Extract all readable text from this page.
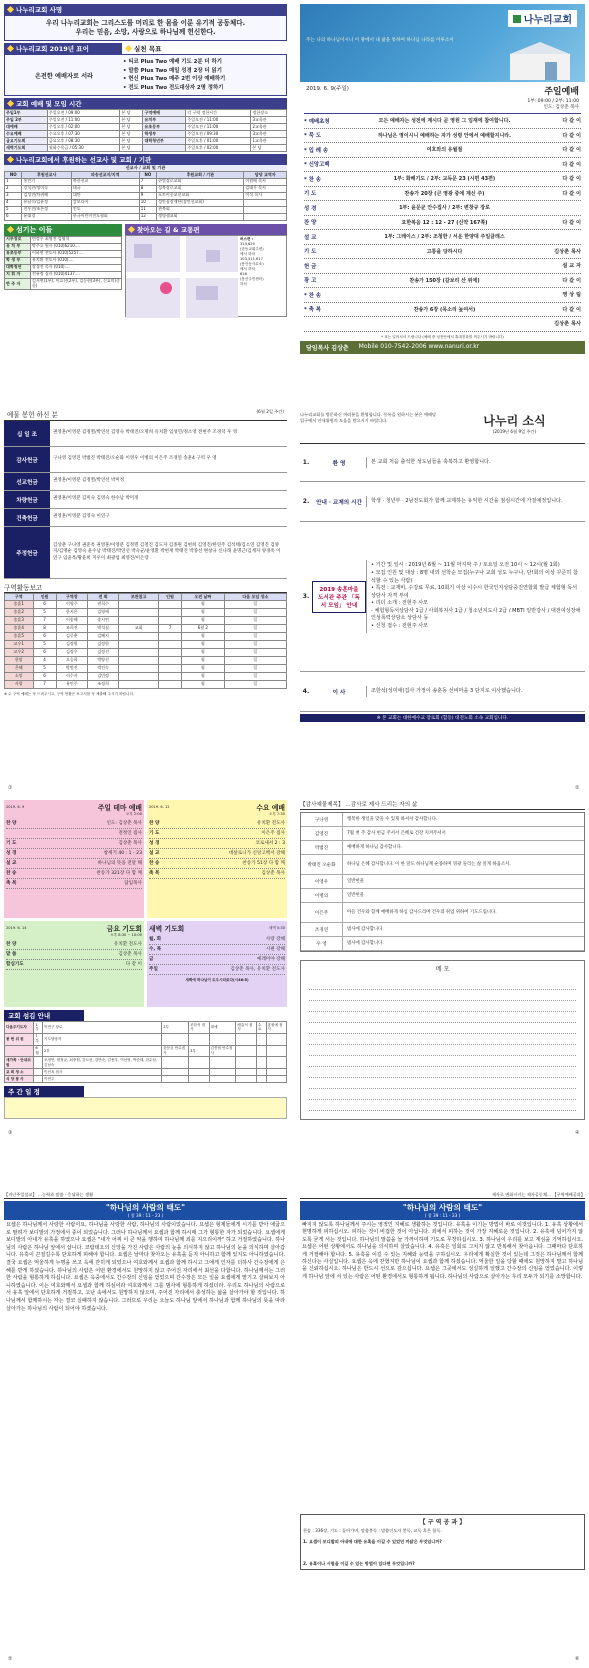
나누리교회 사명
우리 나누리교회는 그리스도를 머리로 한 몸을 이룬 유기적 공동체다.
우리는 믿음, 소망, 사랑으로 하나님께 헌신한다.
나누리교회 2019년 표어	실천 목표
온전한 예배자로 서라
• 티코 Plus Two 예배 기도 2분 더 하기
• 말씀 Plus Two 매일 성경 2장 더 읽기
• 헌신 Plus Two 매주 2번 이상 예배하기
• 전도 Plus Two 전도대상자 2명 정하기
교회 예배 및 모임 시간
주일1부	주일오전 / 09:00	본 당	구역예배	각 구역 정한시간	정한장소
주일 2부	주일오전 / 11:00	본 당	유치부	주일오전 / 11:00	3교육관
대예배	주일오후 / 02:00	본 당	유초등부	주일오전 / 11:00	2교육관
수요예배	수요오후 / 07:30	본 당	학생부	주일오전 / 09:30	3교육관
금요기도회	금요오후 / 08:30	본 당	대학청년부	주일오후 / 01:00	1교육관
새벽기도회	월화수목금 / 05:30	본 당		주일오후 / 02:00	본 당
나누리교회에서 후원하는 선교사 및 교회 / 기관
선교사 / 교회 및 기관
NO	후원선교사	파송선교지/지역	NO	후원교회 / 기관	담당 교역자
1	홍민기	북한선교	7	한빛장로교회	이원배 목사
2	강석찬/정미숙	태국	8	성북장로교회	김태우 목사
3	김성진/차귀혜	대만	9	포토이중교선교회	이석 목사
4	유남숙/김윤정	캄보디아	10	성안심장재단(경인선교회)	
5	진우진/조은정	인도	11	관북회	
6	윤대경	한국어린이전도협회	12	생명샘교회	
섬기는 이들
시무장로	변정우 최명진 김영석
유 치 부	박주호 원사 (010)6210....
유초등부	이하연 전도사 (010)5257....
학 생 부	유치환 전도사 (010)....
대학청년	장경진 목사 (010)....
지 휘 자	전유정 집사 (010)4137....
반 주 자	김서연(1부), 이효선(2부), 김동현(3부), 신효미(중등)
찾아오는 길 & 교통편
버스편 :
314,620
(한동교회주변)
에서 하차
103,311,617
(용산동사무소)
에서 하차
616
(용산주민센터)
하차
나누리교회
주는 나의 하나님이시니 이 땅에서 내 삶을 통하여 하나님 나라를 이루소서
2019. 6. 9(주일)	주일예배
1부: 09:00 / 2부: 11:00
인도: 김상춘 목사
* 예배초청	모든 예배자는 성전에 계시다 곧 영원 그 임재에 참여합니다.	다 같 이
* 묵 도	하나님은 영이시니 예배하는 자가 성령 안에서 예배할지니라.	다 같 이
* 입 례 송	여호와의 유월절	다 같 이
* 신앙고백	다 같 이
* 찬 송	1부: 화해기도 / 2부: 교독문 23 (시편 43편)	다 같 이
기 도	찬송가 20장 (큰 영광 중에 계신 주)	다 같 이
성 경	1부: 윤문균 안수집사 / 2부: 변창규 장로
찬 양	요한복음 12 : 12 - 27 (신약 167쪽)	다 같 이
설 교	1부: 그레이스 / 2부: 조청한 / 서운 한양대 주일클래스
기 도	고통을 당하시다	김상춘 목사
헌 금	설 교 자
광 고	찬송가 150장 (갈보리 산 위에)	다 같 이
* 찬 송	영 상 팀
* 축 복	찬송가 6장 (목소리 높여서)	다 같 이
김상춘 목사
* 표는 일어서서 드립니다 (예배 중 성전안에서 휴대전화를 꺼주시기 바랍니다)
담임목사 김상춘 Mobile 010-7542-2006 www.nanuri.or.kr
예물 봉헌 하신 분	(6월 2일 주간)
십 일 조	권영훈/이영분 김정렬/박연선 김영숙 박태진/오명희 유치환 임성민/정소영 전현주 조경덕 우 영
감사헌금	구나영 김영진 박범진 박태진/오순화 이영우 이병의 이은주 조경연 송훈4 구역 우 영
선교헌금	권영훈/이영분 김정렬/박연선 박미정
차량헌금	권영훈/이영분 김미숙 김영숙 한수남 박미정
건축헌금	권영훈/이영분 김영숙 이연구
주정헌금
김상춘 구나영 권준옥 권영훈/이영분 김정렬 김철진 김도자 김종원 김현희 김영진/한연주 김석태/김소연 김영진 김양지/김명순 김영숙 윤수남 박태진/박연선 박숙균/윤영환 박현재 박태진 박종선 변창규 신나래 윤명근/김계자 양경옥 이연구 임윤옥/황윤희 지우이 최광섭 최영진/이은랑
구역활동보고
구역	인원	구역장	전 회	보완참고	인원	오전 날짜	다음 모임 장소
송훈1	6	이영주	권희수			월	일
송훈2	5	한지은	김영애			월	일
송훈3	7	이송해	송시연			월	일
송훈4	8	조희진	박석심	교회	7	6월 2	일
송훈5	6	김중춘	김혜지			월	일
교우1	5	김정원	김정원			월	일
교우2	6	김정우	김정선			월	일
한맘	4	오승희	박양선			월	일
은혜	5	박범진	박진숙			월	일
소망	6	이수자	김민정			월	일
사랑	7	유민주	조정희			월	일
※ 수 구역 예배는 꼭 드려주시고, 구역 현황은 보고서를 꼭 제출해 주시기 바랍니다.
나누리교회를 방문하신 여러분을 환영합니다. 등록을 원하시는 분은 예배당 입구에서 안내위원의 도움을 받으시기 바랍니다.	나누리 소식
(2019년 6월 9일 주간)
1.	환 영	본 교회 처음 출석한 성도님들을 축복하고 환영합니다.
2.	안내 · 교제의 시간	학생 · 청년부 · 2남전도회가 함께 교제하는 유익한 시간을 점심시간에 가질예정입니다.
3.
2019 송훈마을 도서관 주관 「독서 모임」 안내
• 기간 및 일시 : 2019년 6월 ~ 11월 마지막 주 / 토요일 오전 10시 ~ 12시(월 1회)
• 모집 인원 및 대상 : 8명 내외 선착순 모집(누구나 교회 성도 누구나, 단!회의 이상 꾸준히 참석할 수 있는 사람)
• 특전 : 교재비, 수강료 무료, 10회기 이상 이수시 한국인지상담중진연합회 발급 체험형 독서상담사 자격 부여
• 리더 소개 : 전현주 사모
- 체험형독서상담사 1급 / 사회복지사 1급 / 청소년지도사 2급 / MBTI 일반강사 / 대전여성장애인성폭력상담소 상담사 등
• 신청 접수 : 전현주 사모
4.	이 사	조한석(성미애)집사 가정이 송훈동 선비마을 3 단지로 이사했습니다.
※ 본 교회는 대한예수교 장로회 (합동) 대전노회 소속 교회입니다.
2019. 6. 9	주일 테마 예배
오후 2:00
찬 양	인도: 김상춘 목사
전정인 집사
기 도	김상춘 목사
성 경	창세기 40 : 1 - 23
설 교	하나님의 뜻을 전달 해
찬 송	찬송가 321장 다 함 께
축 복	담임목사
2019. 6. 12	수요 예배
오후 7:30
찬 양	유치환 전도사
기 도	이은주 집사
성 경	코로새서 2 : 3
설 교	데살로니가 신앙고백서 강해
찬 송	찬송가 51장 다 함 께
축 복	김상춘 목사
2019. 6. 14	금요 기도회
오후 8:30 ~ 10:00
찬 양	유치환 전도사
말 씀	김상춘 목사
합심기도	다 같 이
새벽 기도회	새벽 5:30
월, 화	사랑 강해
수, 목	시편 강해
금	예레미야 강해
주일	김상춘 목사, 유치환 전도사
새벽에 하나님이 도우시리로다(시46:5)
교회 섬김 안내
다음주기도자	1부	이연구 장로	2부	조한석 집사	대예	배효석 집사	수요	홍원예 집사
봉 헌 위 원	1부	기도담당자						
	6월	2부	윤문균 안수집사	3부	김종엽 안수집사			
새가족 · 안내위원		조정연, 변정균, 최중원, 강도선, 김반준, 김용우, 이선영, 박순태, 한수남, 김남숙						
교 회 청 소		이선옥 집사						
식 당 봉 사		이연주						
주 간 일 정
【감사예물제목】 ...감사로 제사 드리는 자의 삶
구나영	행복한 생일을 맞을 수 있게 하셔서 감사합니다.
김영진	7월 첫 주 감사 헌금 주셔서 은혜로 건강 지켜주셔서
박범진	예배하게 하나님 감사합니다.
박태진 오순화	하나님 은혜 감사합니다. 이 한 달도 하나님께 순종하며 영광 돌리는 삶 살게 하옵소서.
이영우	일반헌물
이병의	일반헌물
이은주	아들 건우와 함께 예배하게 하심 감사드리며 건우의 취업 위하여 기도드립니다.
조경연	범사에 감사합니다.
우 영	범사에 감사합니다.
메 모
【지난주일설교】 ...능력과 말씀 · 응답하는 생활
"하나님의 사람의 태도"
( 창 39 : 11 - 23 )
요셉은 하나님께서 사랑한 사람이요, 하나님을 사랑한 사람, 하나님의 사람이었습니다. 요셉은 형제들에게 시기를 받아 애굽으로 팔려가 보디발의 가정에서 종이 되었습니다. 그러나 하나님께서 요셉과 함께 하시매 그가 형통한 자가 되었습니다. 요셉에게 보디발의 아내가 유혹을 하였으나 요셉은 "내가 어찌 이 큰 악을 행하여 하나님께 죄를 지으리이까" 하고 거절하였습니다. 하나님의 사람은 하나님 앞에서 삽니다. 코람데오의 신앙을 가진 사람은 사람의 눈을 의식하지 않고 하나님의 눈을 의식하며 살아갑니다. 유혹이 끈질길수록 단호하게 피해야 합니다. 요셉은 날마다 찾아오는 유혹을 듣지 아니하고 함께 있지도 아니하였습니다. 결국 요셉은 억울하게 누명을 쓰고 옥에 갇히게 되었으나 여호와께서 요셉과 함께 하시고 그에게 인자를 더하사 간수장에게 은혜를 받게 하셨습니다. 하나님의 사람은 어떤 환경에서도 원망하지 않고 주어진 자리에서 최선을 다합니다. 하나님께서는 그러한 사람을 형통하게 하십니다. 요셉은 옥중에서도 간수장의 신임을 얻었으며 간수장은 모든 일을 요셉에게 맡기고 살펴보지 아니하였습니다. 이는 여호와께서 요셉과 함께 하심이라 여호와께서 그를 범사에 형통하게 하셨더라. 우리도 하나님의 사람으로서 유혹 앞에서 단호하게 거절하고, 고난 속에서도 원망하지 않으며, 주어진 자리에서 충성하는 삶을 살아가야 할 것입니다. 하나님께서 함께하시는 자는 결코 실패하지 않습니다. 그러므로 우리는 오늘도 하나님 앞에서 하나님과 함께 하나님의 뜻을 따라 살아가는 하나님의 사람이 되어야 하겠습니다.
제자로 변화시키는 제자공동체... 【구역예배공과】
"하나님의 사람의 태도"
( 창 39 : 11 - 23 )
빠지지 않도록 하나님께서 주시는 영적인 지혜로 생활하는 것입니다. 유혹을 이기는 방법이 바로 이것입니다. 1. 유혹 상황에서 현명하게 피하십시오. 피하는 것이 비겁한 것이 아닙니다. 죄에서 피하는 것이 가장 지혜로운 것입니다. 2. 유혹에 넘어가지 않도록 굳게 서는 것입니다. 하나님의 말씀을 늘 가까이하며 기도로 무장하십시오. 3. 하나님이 우리를 보고 계심을 기억하십시오. 요셉은 어떤 상황에서도 하나님을 의식하며 살았습니다. 4. 유혹은 일회로 그치지 않고 반복해서 찾아옵니다. 그때마다 단호하게 거절해야 합니다. 5. 유혹을 이길 수 있는 지혜와 능력을 구하십시오. 우리에게 확실한 것이 있는데 그것은 하나님께서 함께 하신다는 사실입니다. 요셉은 옥에 갇혔지만 하나님이 요셉과 함께 하셨습니다. 억울한 일을 당할 때에도 원망하지 말고 하나님을 신뢰하십시오. 하나님은 반드시 선으로 갚으십니다. 요셉은 그곳에서도 성실하게 일했고 간수장의 신임을 얻었습니다. 이렇게 하나님 앞에 서 있는 사람은 어떤 환경에서도 형통하게 됩니다. 하나님의 사람으로 살아가는 우리 모두가 되기를 소망합니다.
【 구 역 공 과 】
찬송 : 336장, 기도 : 돌아가며, 말씀봉독 : 말씀인도자 봉독, 교독 혹은 합독.
1. 요셉이 보디발의 아내에 대한 유혹을 이길 수 있었던 까닭은 무엇입니까?
2. 유혹이나 시험을 이길 수 있는 방법이 있다면 무엇입니까?
①	②
③	④
⑤	⑥
